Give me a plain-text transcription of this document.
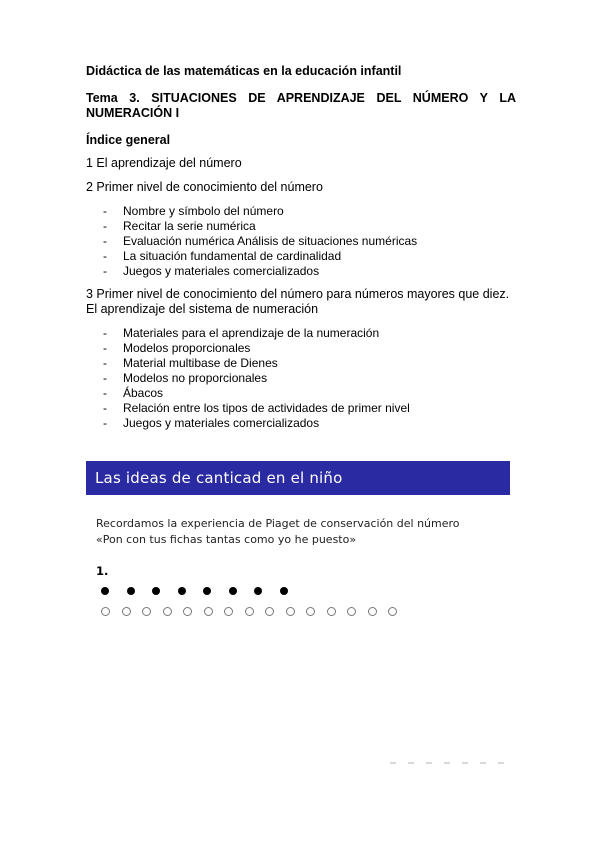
Didáctica de las matemáticas en la educación infantil

Tema 3. SITUACIONES DE APRENDIZAJE DEL NÚMERO Y LA NUMERACIÓN I

Índice general

1 El aprendizaje del número

2 Primer nivel de conocimiento del número

- Nombre y símbolo del número
- Recitar la serie numérica
- Evaluación numérica Análisis de situaciones numéricas
- La situación fundamental de cardinalidad
- Juegos y materiales comercializados

3 Primer nivel de conocimiento del número para números mayores que diez. El aprendizaje del sistema de numeración

- Materiales para el aprendizaje de la numeración
- Modelos proporcionales
- Material multibase de Dienes
- Modelos no proporcionales
- Ábacos
- Relación entre los tipos de actividades de primer nivel
- Juegos y materiales comercializados
Las ideas de canticad en el niño
Recordamos la experiencia de Piaget de conservación del número
«Pon con tus fichas tantas como yo he puesto»
1.
